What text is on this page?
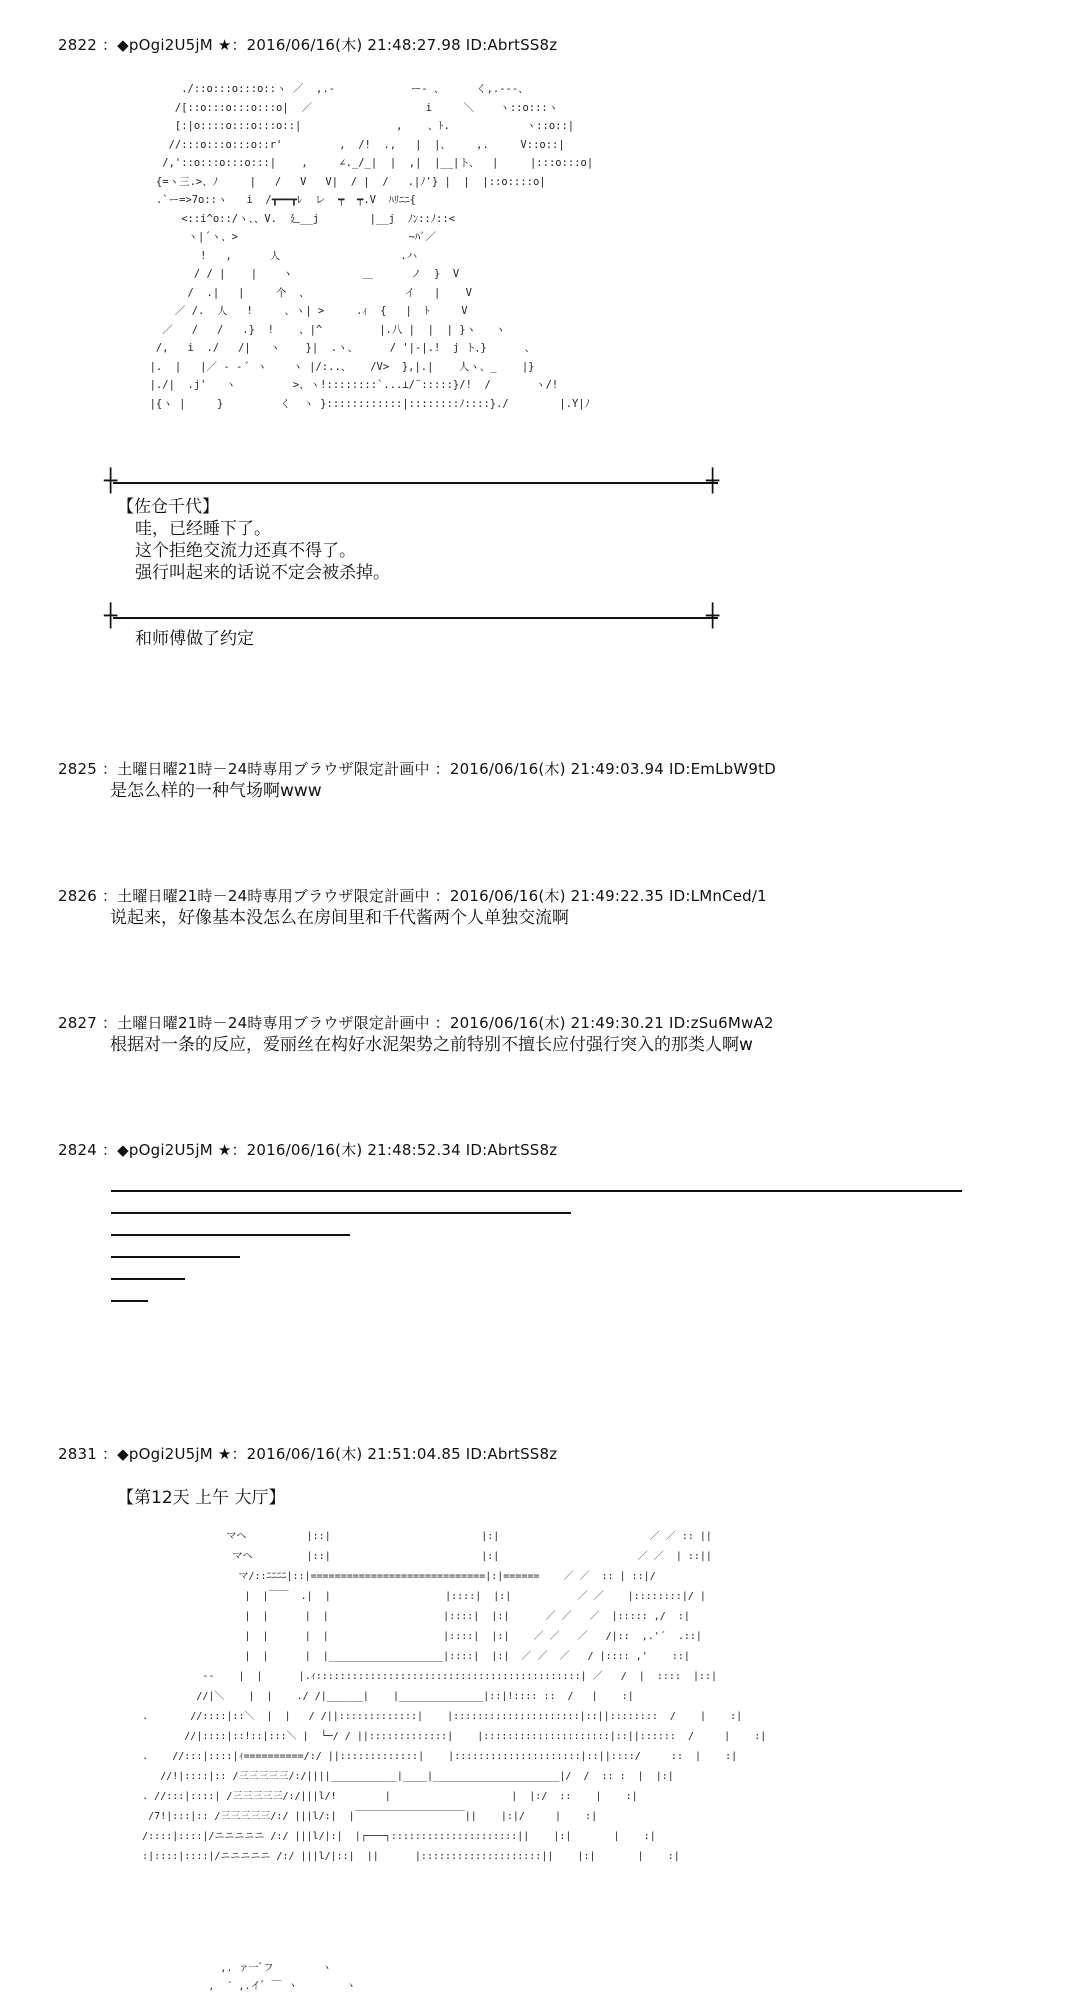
2822 ：◆pOgi2U5jM ★：2016/06/16(木) 21:48:27.98 ID:AbrtSS8z
./::o:::o:::o::ヽ ／  ,.-            ー- 、     く,.---、
/[::o:::o:::o:::o|  ／                  i     ＼    ヽ::o:::ヽ
[:|o::::o:::o:::o::|               ,    、ﾄ.            ヽ::o::|
//:::o:::o:::o::r'         ,  /!  .,   |  |、    ,.     V::o::|
/,'::o:::o:::o:::|    ,     ∠._/_|  |  ,|  |__|ト、  |     |:::o:::o|
{=ヽ三.>、ﾉ     |   /   V   V|  / |  /   .|ﾉ'} |  |  |::o::::o|
.`ー=>7o::ヽ   i  /┳━━┳ﾚ  レ  ┯  ┯.V  ﾊﾘﾆﾆ{
<::i^o::/ヽ、、V.  廴__j        |__j  ﾉﾝ::ﾉ::<
ヽ|´ヽ、>                           ~ﾊﾞ／
!   ,      人                   .ハ
/ / |    |    ヽ           ＿      ノ  }  V
/  .|   |     个  、               イ   |    V
／ /.  人   !     、ヽ| >     .ｨ  {   |  ﾄ     V
／   /   /   .}  !    、|^         |.八 |  |  | }ヽ   ヽ
/,   i  ./   /|   ヽ    }|  .ヽ、     / '|-|.!  j ト、}      、
|.  |   |／ - - ﾞ ヽ    ヽ |/:..、   /V>  },|.|    人ヽ、_    |}
|./|  .j'   ヽ         >、ヽ!::::::::`...⊥/¨:::::}/!  /       ヽ/!
|{ヽ |     }         く  ヽ }::::::::::::|::::::::ﾉ::::}./        |.Y|ﾉ
┼	┼
【佐仓千代】
哇，已经睡下了。
这个拒绝交流力还真不得了。
强行叫起来的话说不定会被杀掉。
┼	┼
和师傅做了约定
2825 ：土曜日曜21時－24時専用ブラウザ限定計画中 ：2016/06/16(木) 21:49:03.94 ID:EmLbW9tD
是怎么样的一种气场啊www
2826 ：土曜日曜21時－24時専用ブラウザ限定計画中 ：2016/06/16(木) 21:49:22.35 ID:LMnCed/1
说起来，好像基本没怎么在房间里和千代酱两个人单独交流啊
2827 ：土曜日曜21時－24時専用ブラウザ限定計画中 ：2016/06/16(木) 21:49:30.21 ID:zSu6MwA2
根据对一条的反应，爱丽丝在构好水泥架势之前特别不擅长应付强行突入的那类人啊w
2824 ：◆pOgi2U5jM ★：2016/06/16(木) 21:48:52.34 ID:AbrtSS8z
2831 ：◆pOgi2U5jM ★：2016/06/16(木) 21:51:04.85 ID:AbrtSS8z
【第12天 上午 大厅】
マヘ          |::|                         |:|                         ／ ／ :: ||
マヘ         |::|                         |:|                       ／ ／  | ::||
マ/::ﾆﾆﾆﾆ|::|=============================|:|======    ／ ／  :: | ::|/
|  |￣￣  .|  |                   |::::|  |:|           ／ ／    |::::::::|/ |
|  |      |  |                   |::::|  |:|      ／ ／   ／  |::::: ,/  :|
|  |      |  |                   |::::|  |:|    ／ ／   ／   /|::  ,.'´  .::|
|  |      |  |___________________|::::|  |:|  ／ ／  ／   / |:::: ,'    ::|
--    |  |      |.ｨ::::::::::::::::::::::::::::::::::::::::::::| ／   /  |  ::::  |::|
//|＼    |  |    ./ /|______|    |______________|::|!:::: ::  /   |    :|
.       //::::|::＼  |  |   / /||:::::::::::::|    |:::::::::::::::::::::|::||::::::::  /    |    :|
//|::::|::!::|:::＼ |  └─/ / ||:::::::::::::|    |:::::::::::::::::::::|::||::::::  /     |    :|
.    //:::|::::|ｨ==========/:/ ||:::::::::::::|    |:::::::::::::::::::::|::||::::/     ::  |    :|
//!|::::|:: /三三三三三/:/||||___________|____|_____________________|/  /  :: :  |  |:|
. //:::|::::| /三三三三三/:/|||l/!        |                    |  |:/  ::    |    :|
/7!|:::|:: /三三三三三/:/ |||l/:|  |￣￣￣￣￣￣￣￣￣￣￣||    |:|/     |    :|
/::::|::::|/ニニニニニ /:/ |||l/|:|  |┌───┐:::::::::::::::::::::||    |:|       |    :|
:|::::|::::|/ニニニニニ /:/ |||l/|::|  ||      |::::::::::::::::::::||    |:|       |    :|
,. ァ一ﾞフ        ヽ
,  ´ ,.イﾞ ￣ ヽ        ヽ
